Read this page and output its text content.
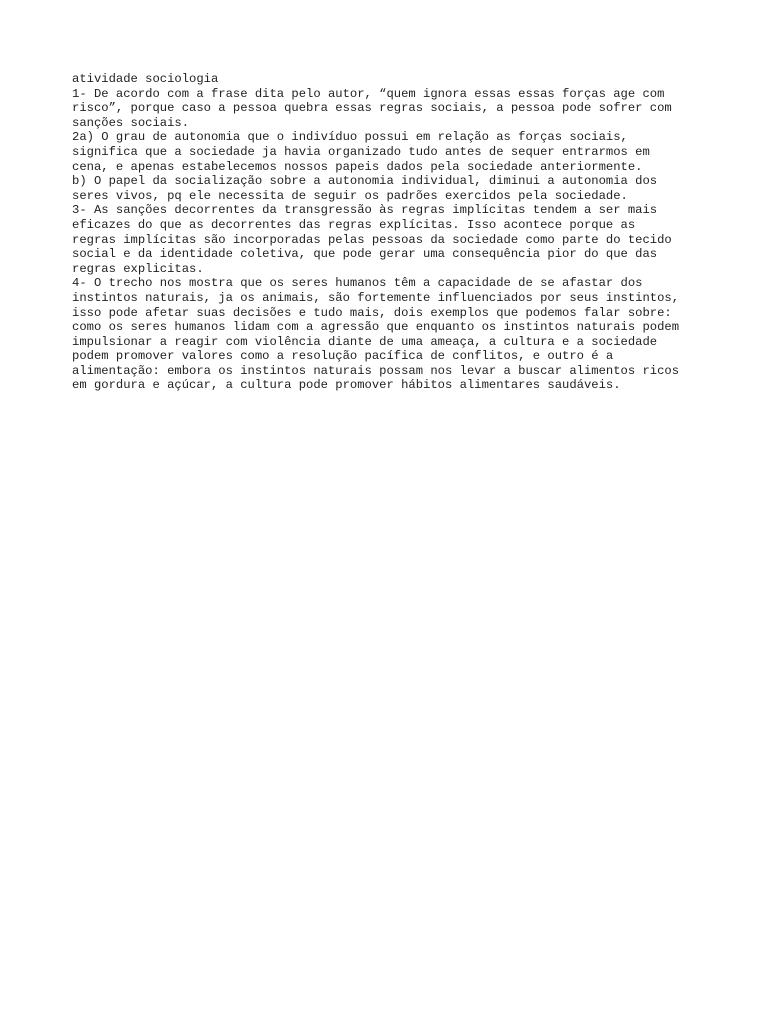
atividade sociologia
1- De acordo com a frase dita pelo autor, “quem ignora essas essas forças age com
risco”, porque caso a pessoa quebra essas regras sociais, a pessoa pode sofrer com
sanções sociais.
2a) O grau de autonomia que o indivíduo possui em relação as forças sociais,
significa que a sociedade ja havia organizado tudo antes de sequer entrarmos em
cena, e apenas estabelecemos nossos papeis dados pela sociedade anteriormente.
b) O papel da socialização sobre a autonomia individual, diminui a autonomia dos
seres vivos, pq ele necessita de seguir os padrões exercidos pela sociedade.
3- As sanções decorrentes da transgressão às regras implícitas tendem a ser mais
eficazes do que as decorrentes das regras explícitas. Isso acontece porque as
regras implícitas são incorporadas pelas pessoas da sociedade como parte do tecido
social e da identidade coletiva, que pode gerar uma consequência pior do que das
regras explicitas.
4- O trecho nos mostra que os seres humanos têm a capacidade de se afastar dos
instintos naturais, ja os animais, são fortemente influenciados por seus instintos,
isso pode afetar suas decisões e tudo mais, dois exemplos que podemos falar sobre:
como os seres humanos lidam com a agressão que enquanto os instintos naturais podem
impulsionar a reagir com violência diante de uma ameaça, a cultura e a sociedade
podem promover valores como a resolução pacífica de conflitos, e outro é a
alimentação: embora os instintos naturais possam nos levar a buscar alimentos ricos
em gordura e açúcar, a cultura pode promover hábitos alimentares saudáveis.
